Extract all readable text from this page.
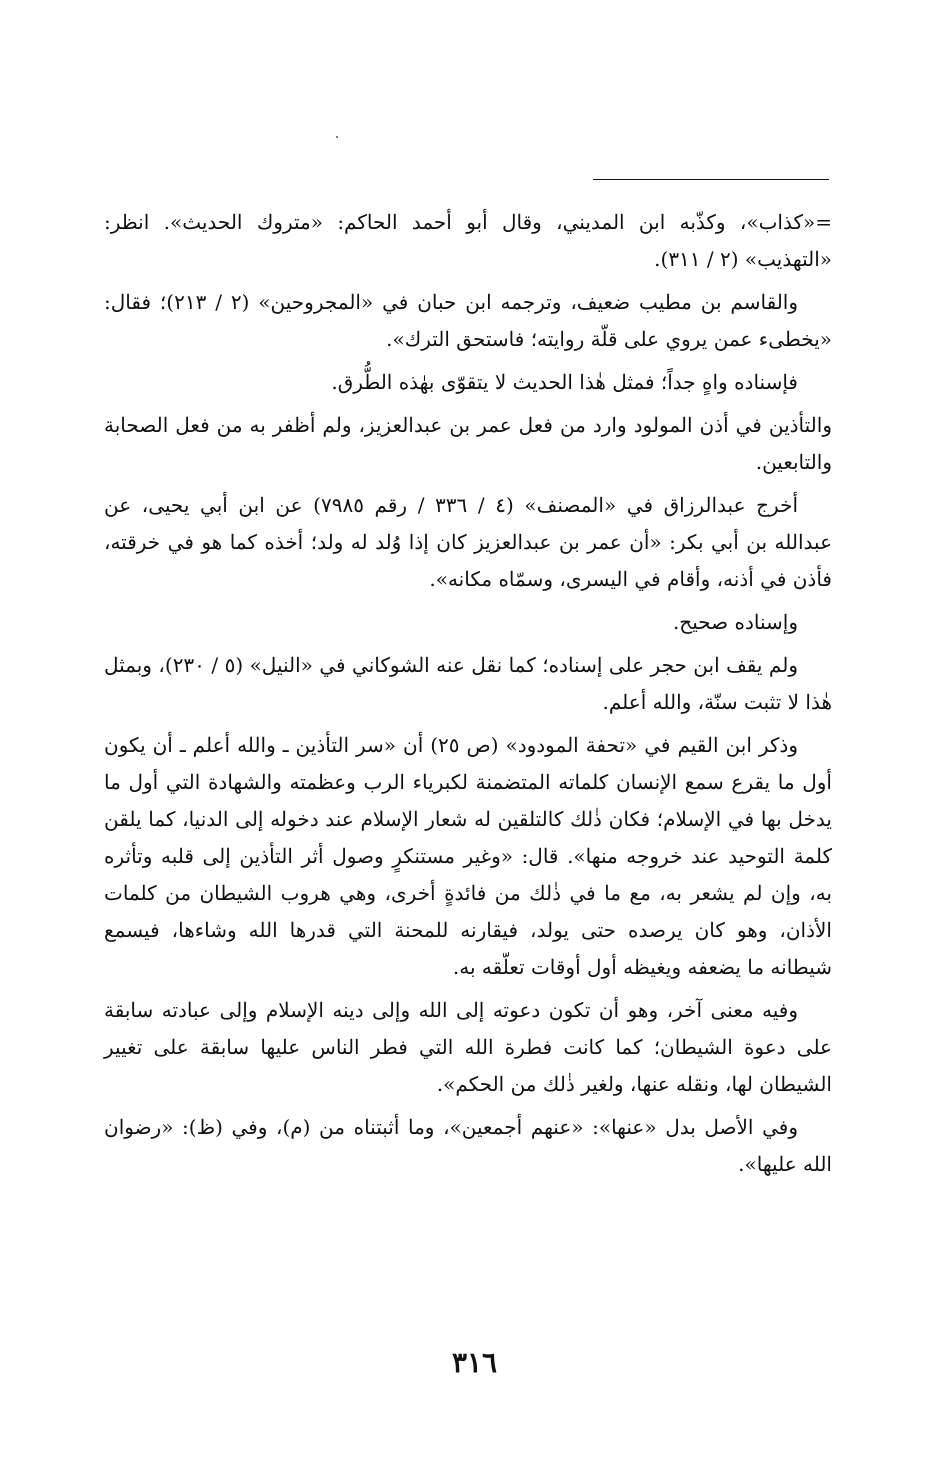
=«كذاب»، وكذّبه ابن المديني، وقال أبو أحمد الحاكم: «متروك الحديث». انظر: «التهذيب» (٢ / ٣١١).

والقاسم بن مطيب ضعيف، وترجمه ابن حبان في «المجروحين» (٢ / ٢١٣)؛ فقال: «يخطىء عمن يروي على قلّة روايته؛ فاستحق الترك».

فإسناده واهٍ جداً؛ فمثل هٰذا الحديث لا يتقوّى بهٰذه الطُّرق.

والتأذين في أذن المولود وارد من فعل عمر بن عبدالعزيز، ولم أظفر به من فعل الصحابة والتابعين.

أخرج عبدالرزاق في «المصنف» (٤ / ٣٣٦ / رقم ٧٩٨٥) عن ابن أبي يحيى، عن عبدالله بن أبي بكر: «أن عمر بن عبدالعزيز كان إذا وُلد له ولد؛ أخذه كما هو في خرقته، فأذن في أذنه، وأقام في اليسرى، وسمّاه مكانه».

وإسناده صحيح.

ولم يقف ابن حجر على إسناده؛ كما نقل عنه الشوكاني في «النيل» (٥ / ٢٣٠)، وبمثل هٰذا لا تثبت سنّة، والله أعلم.

وذكر ابن القيم في «تحفة المودود» (ص ٢٥) أن «سر التأذين ـ والله أعلم ـ أن يكون أول ما يقرع سمع الإنسان كلماته المتضمنة لكبرياء الرب وعظمته والشهادة التي أول ما يدخل بها في الإسلام؛ فكان ذٰلك كالتلقين له شعار الإسلام عند دخوله إلى الدنيا، كما يلقن كلمة التوحيد عند خروجه منها». قال: «وغير مستنكرٍ وصول أثر التأذين إلى قلبه وتأثره به، وإن لم يشعر به، مع ما في ذٰلك من فائدةٍ أخرى، وهي هروب الشيطان من كلمات الأذان، وهو كان يرصده حتى يولد، فيقارنه للمحنة التي قدرها الله وشاءها، فيسمع شيطانه ما يضعفه ويغيظه أول أوقات تعلّقه به.

وفيه معنى آخر، وهو أن تكون دعوته إلى الله وإلى دينه الإسلام وإلى عبادته سابقة على دعوة الشيطان؛ كما كانت فطرة الله التي فطر الناس عليها سابقة على تغيير الشيطان لها، ونقله عنها، ولغير ذٰلك من الحكم».

وفي الأصل بدل «عنها»: «عنهم أجمعين»، وما أثبتناه من (م)، وفي (ظ): «رضوان الله عليها».

٣١٦
